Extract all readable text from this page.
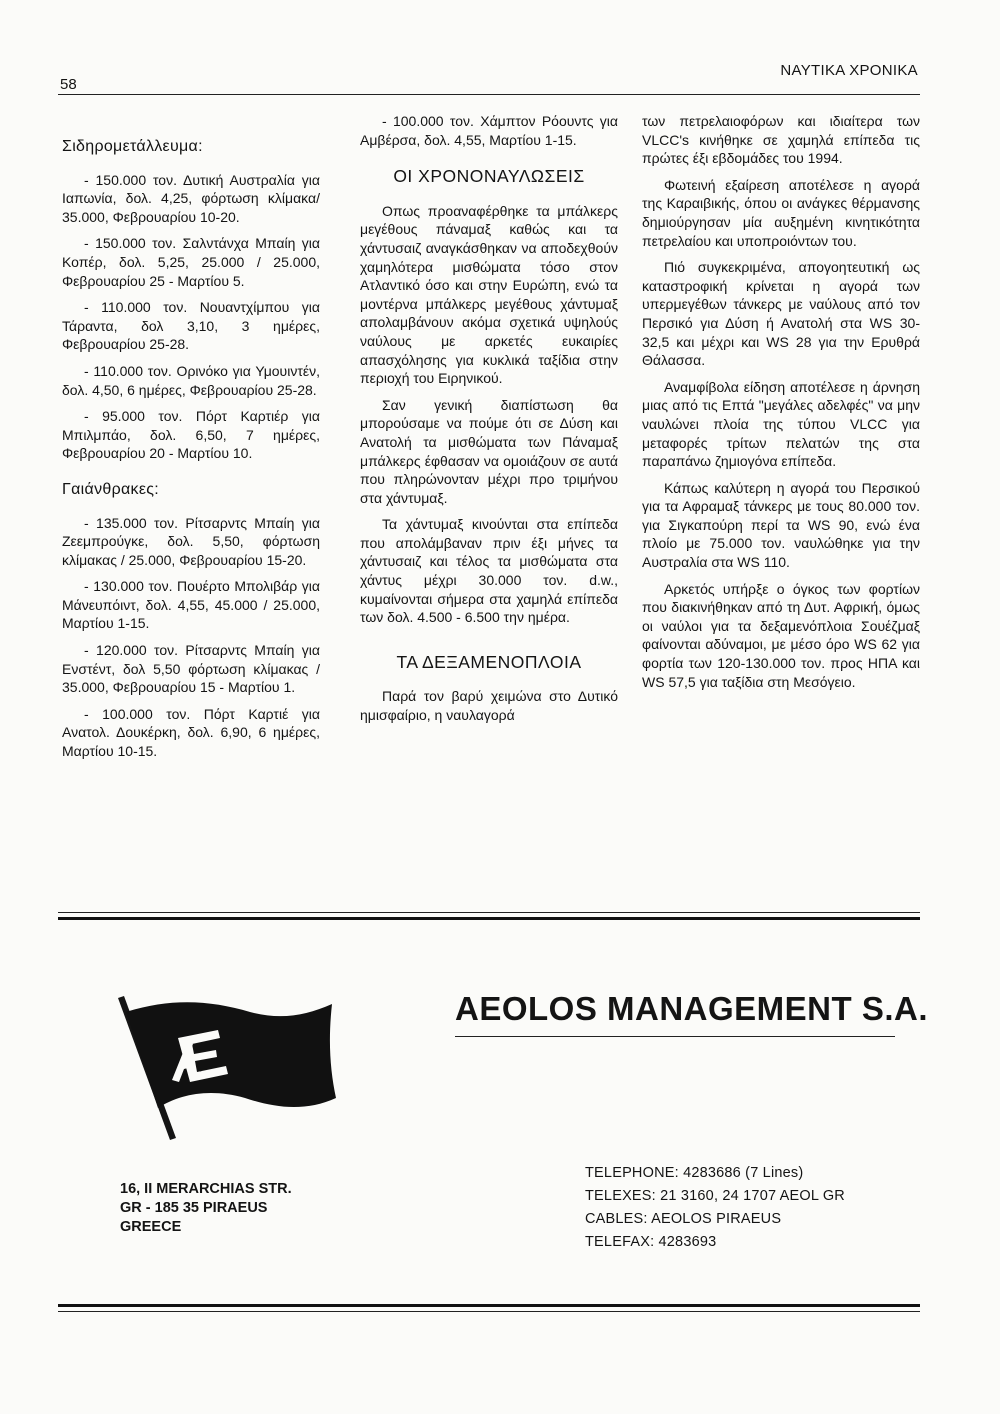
58
ΝΑΥΤΙΚΑ ΧΡΟΝΙΚΑ
Σιδηρομετάλλευμα:

- 150.000 τον. Δυτική Αυστραλία για Ιαπωνία, δολ. 4,25, φόρτωση κλίμακα/ 35.000, Φεβρουαρίου 10-20.

- 150.000 τον. Σαλντάνχα Μπαίη για Κοπέρ, δολ. 5,25, 25.000 / 25.000, Φεβρουαρίου 25 - Μαρτίου 5.

- 110.000 τον. Νουαντχίμπου για Τάραντα, δολ 3,10, 3 ημέρες, Φεβρουαρίου 25-28.

- 110.000 τον. Ορινόκο για Υμουιντέν, δολ. 4,50, 6 ημέρες, Φεβρουαρίου 25-28.

- 95.000 τον. Πόρτ Καρτιέρ για Μπιλμπάο, δολ. 6,50, 7 ημέρες, Φεβρουαρίου 20 - Μαρτίου 10.

Γαιάνθρακες:

- 135.000 τον. Ρίτσαρντς Μπαίη για Ζεεμπρούγκε, δολ. 5,50, φόρτωση κλίμακας / 25.000, Φεβρουαρίου 15-20.

- 130.000 τον. Πουέρτο Μπολιβάρ για Μάνευπόιντ, δολ. 4,55, 45.000 / 25.000, Μαρτίου 1-15.

- 120.000 τον. Ρίτσαρντς Μπαίη για Ενστέντ, δολ 5,50 φόρτωση κλίμακας / 35.000, Φεβρουαρίου 15 - Μαρτίου 1.

- 100.000 τον. Πόρτ Καρτιέ για Ανατολ. Δουκέρκη, δολ. 6,90, 6 ημέρες, Μαρτίου 10-15.

- 100.000 τον. Χάμπτον Ρόουντς για Αμβέρσα, δολ. 4,55, Μαρτίου 1-15.

ΟΙ ΧΡΟΝΟΝΑΥΛΩΣΕΙΣ

Οπως προαναφέρθηκε τα μπάλκερς μεγέθους πάναμαξ καθώς και τα χάντυσαιζ αναγκάσθηκαν να αποδεχθούν χαμηλότερα μισθώματα τόσο στον Ατλαντικό όσο και στην Ευρώπη, ενώ τα μοντέρνα μπάλκερς μεγέθους χάντυμαξ απολαμβάνουν ακόμα σχετικά υψηλούς ναύλους με αρκετές ευκαιρίες απασχόλησης για κυκλικά ταξίδια στην περιοχή του Ειρηνικού.

Σαν γενική διαπίστωση θα μπορούσαμε να πούμε ότι σε Δύση και Ανατολή τα μισθώματα των Πάναμαξ μπάλκερς έφθασαν να ομοιάζουν σε αυτά που πληρώνονταν μέχρι προ τριμήνου στα χάντυμαξ.

Τα χάντυμαξ κινούνται στα επίπεδα που απολάμβαναν πριν έξι μήνες τα χάντυσαιζ και τέλος τα μισθώματα στα χάντυς μέχρι 30.000 τον. d.w., κυμαίνονται σήμερα στα χαμηλά επίπεδα των δολ. 4.500 - 6.500 την ημέρα.

ΤΑ ΔΕΞΑΜΕΝΟΠΛΟΙΑ

Παρά τον βαρύ χειμώνα στο Δυτικό ημισφαίριο, η ναυλαγορά

των πετρελαιοφόρων και ιδιαίτερα των VLCC's κινήθηκε σε χαμηλά επίπεδα τις πρώτες έξι εβδομάδες του 1994.

Φωτεινή εξαίρεση αποτέλεσε η αγορά της Καραιβικής, όπου οι ανάγκες θέρμανσης δημιούργησαν μία αυξημένη κινητικότητα πετρελαίου και υποπροιόντων του.

Πιό συγκεκριμένα, απογοητευτική ως καταστροφική κρίνεται η αγορά των υπερμεγέθων τάνκερς με ναύλους από τον Περσικό για Δύση ή Ανατολή στα WS 30-32,5 και μέχρι και WS 28 για την Ερυθρά Θάλασσα.

Αναμφίβολα είδηση αποτέλεσε η άρνηση μιας από τις Επτά "μεγάλες αδελφές" να μην ναυλώνει πλοία της τύπου VLCC για μεταφορές τρίτων πελατών της στα παραπάνω ζημιογόνα επίπεδα.

Κάπως καλύτερη η αγορά του Περσικού για τα Αφραμαξ τάνκερς με τους 80.000 τον. για Σιγκαπούρη περί τα WS 90, ενώ ένα πλοίο με 75.000 τον. ναυλώθηκε για την Αυστραλία στα WS 110.

Αρκετός υπήρξε ο όγκος των φορτίων που διακινήθηκαν από τη Δυτ. Αφρική, όμως οι ναύλοι για τα δεξαμενόπλοια Σουέζμαξ φαίνονται αδύναμοι, με μέσο όρο WS 62 για φορτία των 120-130.000 τον. προς ΗΠΑ και WS 57,5 για ταξίδια στη Μεσόγειο.

AE
AEOLOS MANAGEMENT S.A.
16, II MERARCHIAS STR.
GR - 185 35 PIRAEUS
GREECE
TELEPHONE: 4283686 (7 Lines)
TELEXES: 21 3160, 24 1707 AEOL GR
CABLES: AEOLOS PIRAEUS
TELEFAX: 4283693
